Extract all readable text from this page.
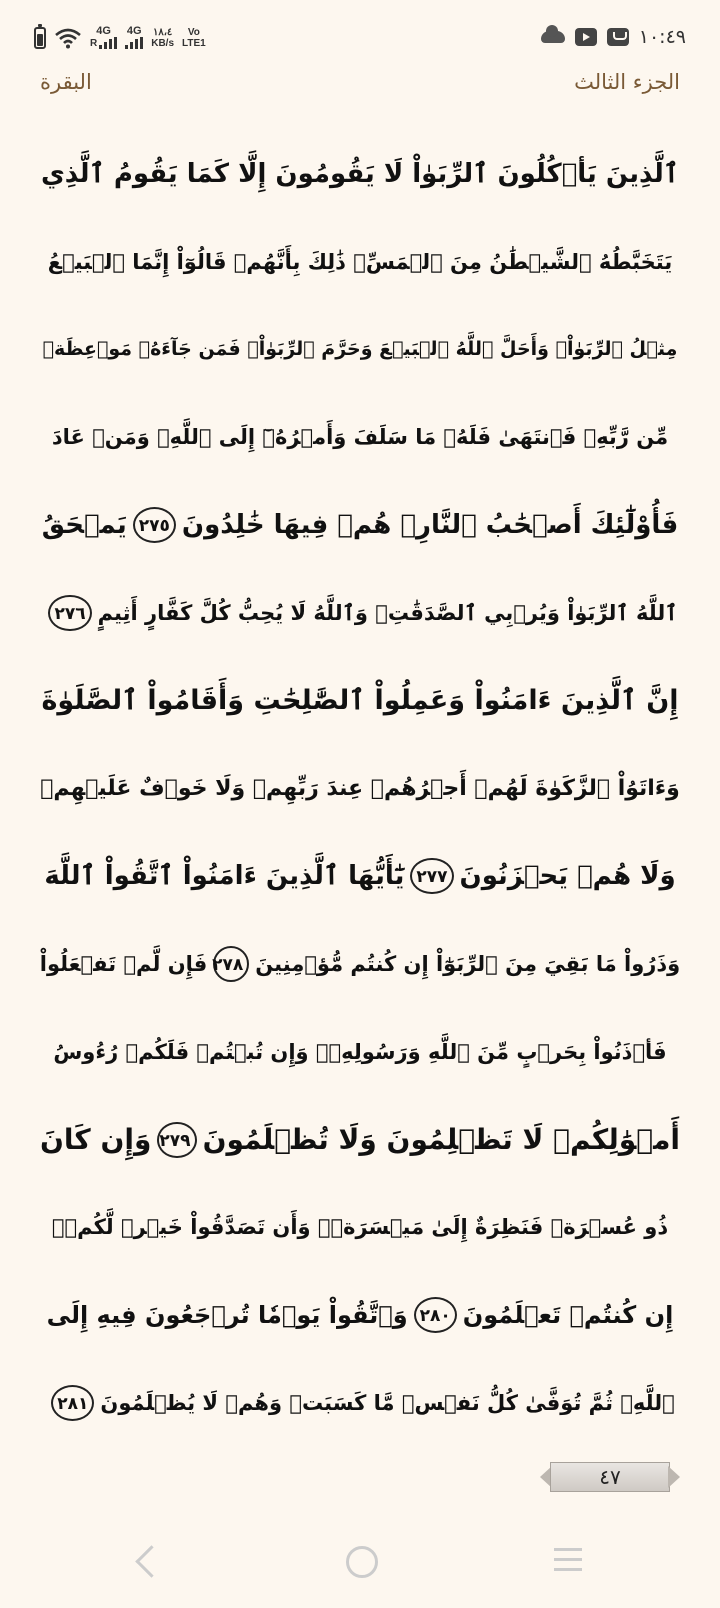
4G
R
4G ١٨،٤
KB/s
Vo
LTE1	١٠:٤٩
الجزء الثالث
البقرة
ٱلَّذِينَ يَأۡكُلُونَ ٱلرِّبَوٰاْ لَا يَقُومُونَ إِلَّا كَمَا يَقُومُ ٱلَّذِي
يَتَخَبَّطُهُ ٱلشَّيۡطَٰنُ مِنَ ٱلۡمَسِّۚ ذَٰلِكَ بِأَنَّهُمۡ قَالُوٓاْ إِنَّمَا ٱلۡبَيۡعُ
مِثۡلُ ٱلرِّبَوٰاْۗ وَأَحَلَّ ٱللَّهُ ٱلۡبَيۡعَ وَحَرَّمَ ٱلرِّبَوٰاْۚ فَمَن جَآءَهُۥ مَوۡعِظَةٞ
مِّن رَّبِّهِۦ فَٱنتَهَىٰ فَلَهُۥ مَا سَلَفَ وَأَمۡرُهُۥٓ إِلَى ٱللَّهِۖ وَمَنۡ عَادَ
فَأُوْلَٰٓئِكَ أَصۡحَٰبُ ٱلنَّارِۖ هُمۡ فِيهَا خَٰلِدُونَ
٢٧٥
يَمۡحَقُ
ٱللَّهُ ٱلرِّبَوٰاْ وَيُرۡبِي ٱلصَّدَقَٰتِۗ وَٱللَّهُ لَا يُحِبُّ كُلَّ كَفَّارٍ أَثِيمٍ
٢٧٦
إِنَّ ٱلَّذِينَ ءَامَنُواْ وَعَمِلُواْ ٱلصَّٰلِحَٰتِ وَأَقَامُواْ ٱلصَّلَوٰةَ
وَءَاتَوُاْ ٱلزَّكَوٰةَ لَهُمۡ أَجۡرُهُمۡ عِندَ رَبِّهِمۡ وَلَا خَوۡفٌ عَلَيۡهِمۡ
وَلَا هُمۡ يَحۡزَنُونَ
٢٧٧
يَٰٓأَيُّهَا ٱلَّذِينَ ءَامَنُواْ ٱتَّقُواْ ٱللَّهَ
وَذَرُواْ مَا بَقِيَ مِنَ ٱلرِّبَوٰٓاْ إِن كُنتُم مُّؤۡمِنِينَ
٢٧٨
فَإِن لَّمۡ تَفۡعَلُواْ
فَأۡذَنُواْ بِحَرۡبٍ مِّنَ ٱللَّهِ وَرَسُولِهِۦۖ وَإِن تُبۡتُمۡ فَلَكُمۡ رُءُوسُ
أَمۡوَٰلِكُمۡ لَا تَظۡلِمُونَ وَلَا تُظۡلَمُونَ
٢٧٩
وَإِن كَانَ
ذُو عُسۡرَةٖ فَنَظِرَةٌ إِلَىٰ مَيۡسَرَةٖۚ وَأَن تَصَدَّقُواْ خَيۡرٞ لَّكُمۡۖ
إِن كُنتُمۡ تَعۡلَمُونَ
٢٨٠
وَٱتَّقُواْ يَوۡمٗا تُرۡجَعُونَ فِيهِ إِلَى
ٱللَّهِۖ ثُمَّ تُوَفَّىٰ كُلُّ نَفۡسٖ مَّا كَسَبَتۡ وَهُمۡ لَا يُظۡلَمُونَ
٢٨١
٤٧
